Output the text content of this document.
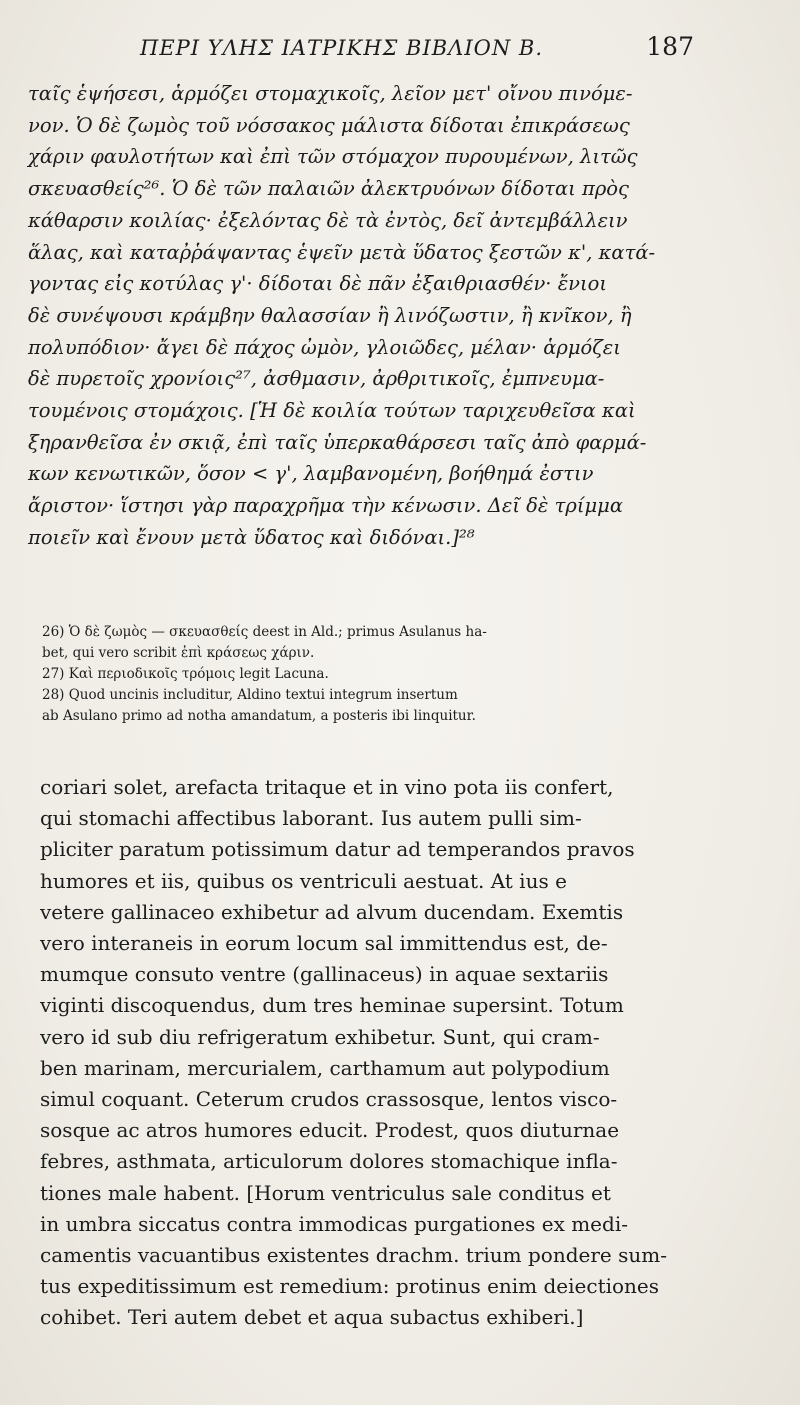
ΠΕΡΙ ΥΛΗΣ ΙΑΤΡΙΚΗΣ ΒΙΒΛΙΟΝ Β.	187

ταῖς ἑψήσεσι, ἁρμόζει στομαχικοῖς, λεῖον μετ' οἴνου πινόμε-

νον. Ὁ δὲ ζωμὸς τοῦ νόσσακος μάλιστα δίδοται ἐπικράσεως

χάριν φαυλοτήτων καὶ ἐπὶ τῶν στόμαχον πυρουμένων, λιτῶς

σκευασθείς²⁶. Ὁ δὲ τῶν παλαιῶν ἀλεκτρυόνων δίδοται πρὸς

κάθαρσιν κοιλίας· ἐξελόντας δὲ τὰ ἐντὸς, δεῖ ἀντεμβάλλειν

ἅλας, καὶ καταῤῥάψαντας ἑψεῖν μετὰ ὕδατος ξεστῶν κ', κατά-

γοντας εἰς κοτύλας γ'· δίδοται δὲ πᾶν ἐξαιθριασθέν· ἔνιοι

δὲ συνέψουσι κράμβην θαλασσίαν ἢ λινόζωστιν, ἢ κνῖκον, ἢ

πολυπόδιον· ἄγει δὲ πάχος ὠμὸν, γλοιῶδες, μέλαν· ἁρμόζει

δὲ πυρετοῖς χρονίοις²⁷, ἀσθμασιν, ἀρθριτικοῖς, ἐμπνευμα-

τουμένοις στομάχοις. [Ἡ δὲ κοιλία τούτων ταριχευθεῖσα καὶ

ξηρανθεῖσα ἐν σκιᾷ, ἐπὶ ταῖς ὑπερκαθάρσεσι ταῖς ἀπὸ φαρμά-

κων κενωτικῶν, ὅσον < γ', λαμβανομένη, βοήθημά ἐστιν

ἄριστον· ἵστησι γὰρ παραχρῆμα τὴν κένωσιν. Δεῖ δὲ τρίμμα

ποιεῖν καὶ ἔνουν μετὰ ὕδατος καὶ διδόναι.]²⁸

26) Ὁ δὲ ζωμὸς — σκευασθείς deest in Ald.; primus Asulanus ha-

bet, qui vero scribit ἐπὶ κράσεως χάριν.

27) Καὶ περιοδικοῖς τρόμοις legit Lacuna.

28) Quod uncinis includitur, Aldino textui integrum insertum

ab Asulano primo ad notha amandatum, a posteris ibi linquitur.

coriari solet, arefacta tritaque et in vino pota iis confert,

qui stomachi affectibus laborant. Ius autem pulli sim-

pliciter paratum potissimum datur ad temperandos pravos

humores et iis, quibus os ventriculi aestuat. At ius e

vetere gallinaceo exhibetur ad alvum ducendam. Exemtis

vero interaneis in eorum locum sal immittendus est, de-

mumque consuto ventre (gallinaceus) in aquae sextariis

viginti discoquendus, dum tres heminae supersint. Totum

vero id sub diu refrigeratum exhibetur. Sunt, qui cram-

ben marinam, mercurialem, carthamum aut polypodium

simul coquant. Ceterum crudos crassosque, lentos visco-

sosque ac atros humores educit. Prodest, quos diuturnae

febres, asthmata, articulorum dolores stomachique infla-

tiones male habent. [Horum ventriculus sale conditus et

in umbra siccatus contra immodicas purgationes ex medi-

camentis vacuantibus existentes drachm. trium pondere sum-

tus expeditissimum est remedium: protinus enim deiectiones

cohibet. Teri autem debet et aqua subactus exhiberi.]
